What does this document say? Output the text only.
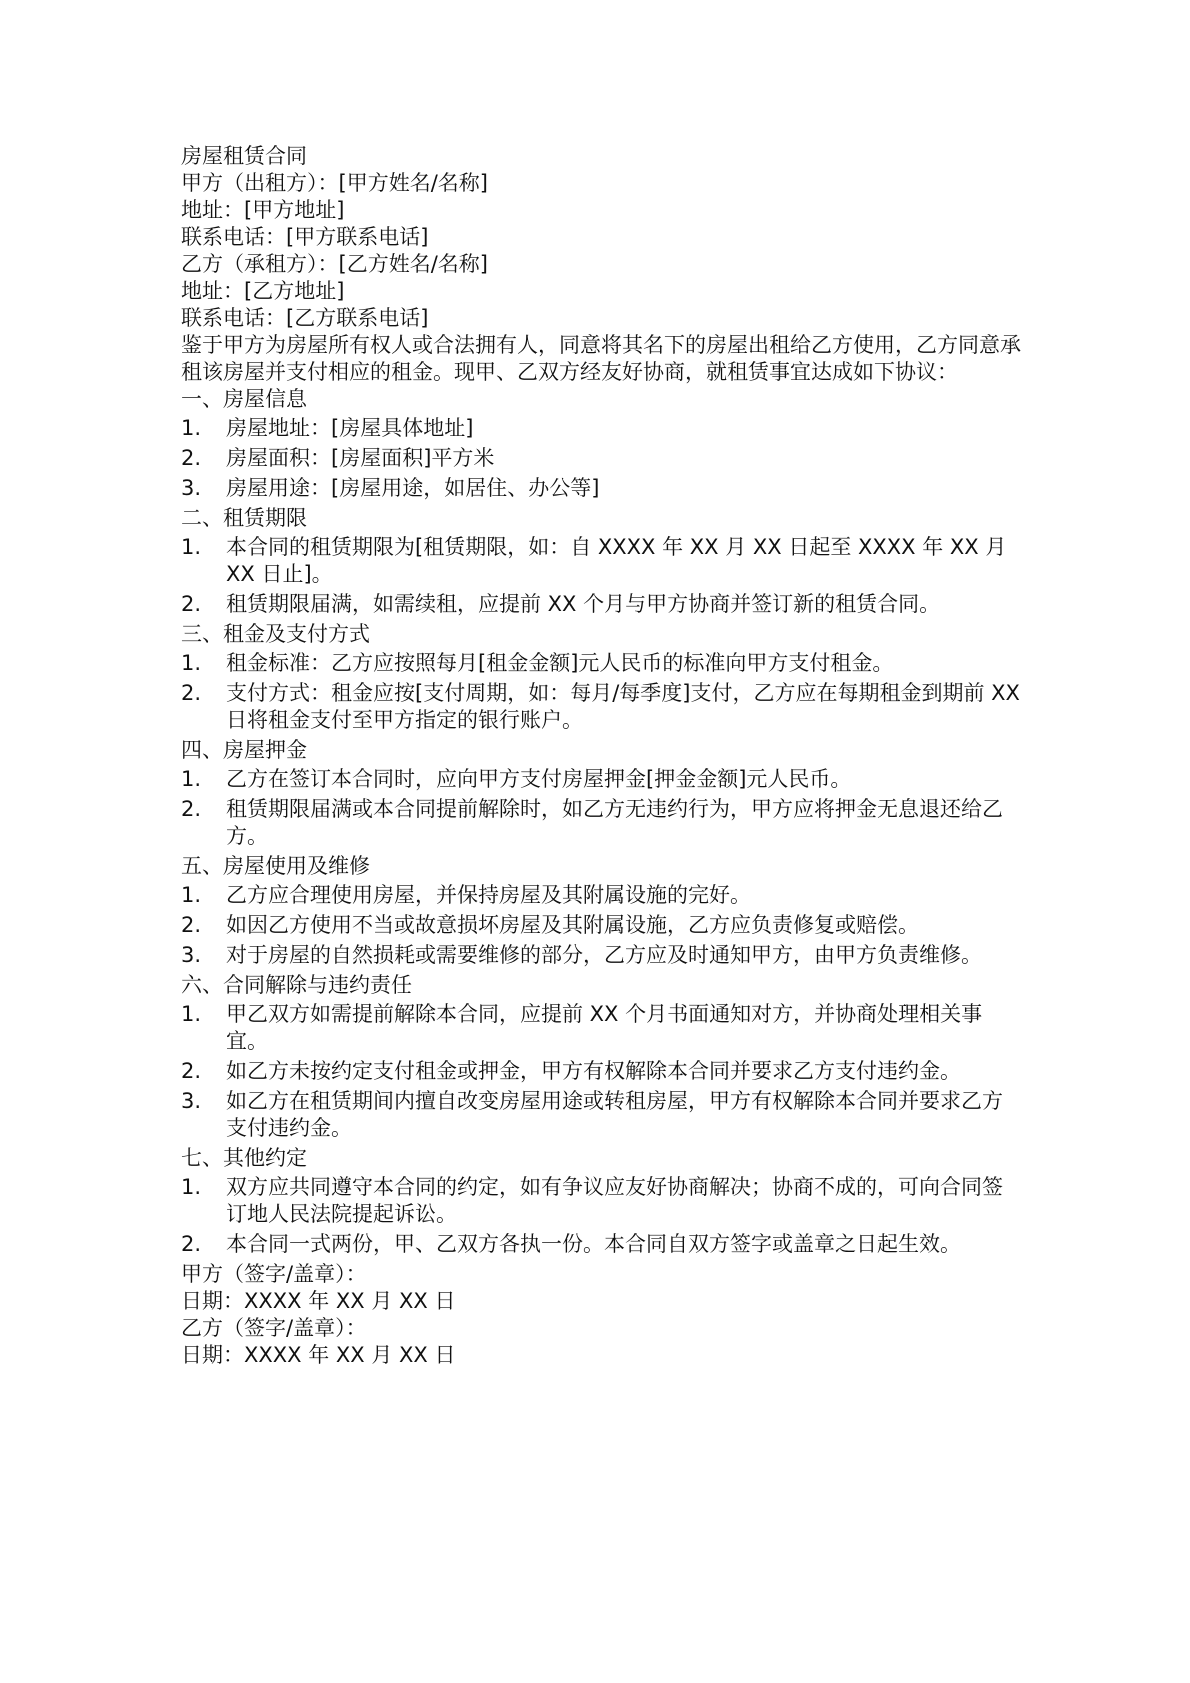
房屋租赁合同
甲方（出租方）：[甲方姓名/名称]
地址：[甲方地址]
联系电话：[甲方联系电话]
乙方（承租方）：[乙方姓名/名称]
地址：[乙方地址]
联系电话：[乙方联系电话]
鉴于甲方为房屋所有权人或合法拥有人，同意将其名下的房屋出租给乙方使用，乙方同意承租该房屋并支付相应的租金。现甲、乙双方经友好协商，就租赁事宜达成如下协议：
一、房屋信息
1.	房屋地址：[房屋具体地址]
2.	房屋面积：[房屋面积]平方米
3.	房屋用途：[房屋用途，如居住、办公等]
二、租赁期限
1.	本合同的租赁期限为[租赁期限，如：自 XXXX 年 XX 月 XX 日起至 XXXX 年 XX 月 XX 日止]。
2.	租赁期限届满，如需续租，应提前 XX 个月与甲方协商并签订新的租赁合同。
三、租金及支付方式
1.	租金标准：乙方应按照每月[租金金额]元人民币的标准向甲方支付租金。
2.	支付方式：租金应按[支付周期，如：每月/每季度]支付，乙方应在每期租金到期前 XX 日将租金支付至甲方指定的银行账户。
四、房屋押金
1.	乙方在签订本合同时，应向甲方支付房屋押金[押金金额]元人民币。
2.	租赁期限届满或本合同提前解除时，如乙方无违约行为，甲方应将押金无息退还给乙方。
五、房屋使用及维修
1.	乙方应合理使用房屋，并保持房屋及其附属设施的完好。
2.	如因乙方使用不当或故意损坏房屋及其附属设施，乙方应负责修复或赔偿。
3.	对于房屋的自然损耗或需要维修的部分，乙方应及时通知甲方，由甲方负责维修。
六、合同解除与违约责任
1.	甲乙双方如需提前解除本合同，应提前 XX 个月书面通知对方，并协商处理相关事宜。
2.	如乙方未按约定支付租金或押金，甲方有权解除本合同并要求乙方支付违约金。
3.	如乙方在租赁期间内擅自改变房屋用途或转租房屋，甲方有权解除本合同并要求乙方支付违约金。
七、其他约定
1.	双方应共同遵守本合同的约定，如有争议应友好协商解决；协商不成的，可向合同签订地人民法院提起诉讼。
2.	本合同一式两份，甲、乙双方各执一份。本合同自双方签字或盖章之日起生效。
甲方（签字/盖章）：
日期：XXXX 年 XX 月 XX 日
乙方（签字/盖章）：
日期：XXXX 年 XX 月 XX 日
